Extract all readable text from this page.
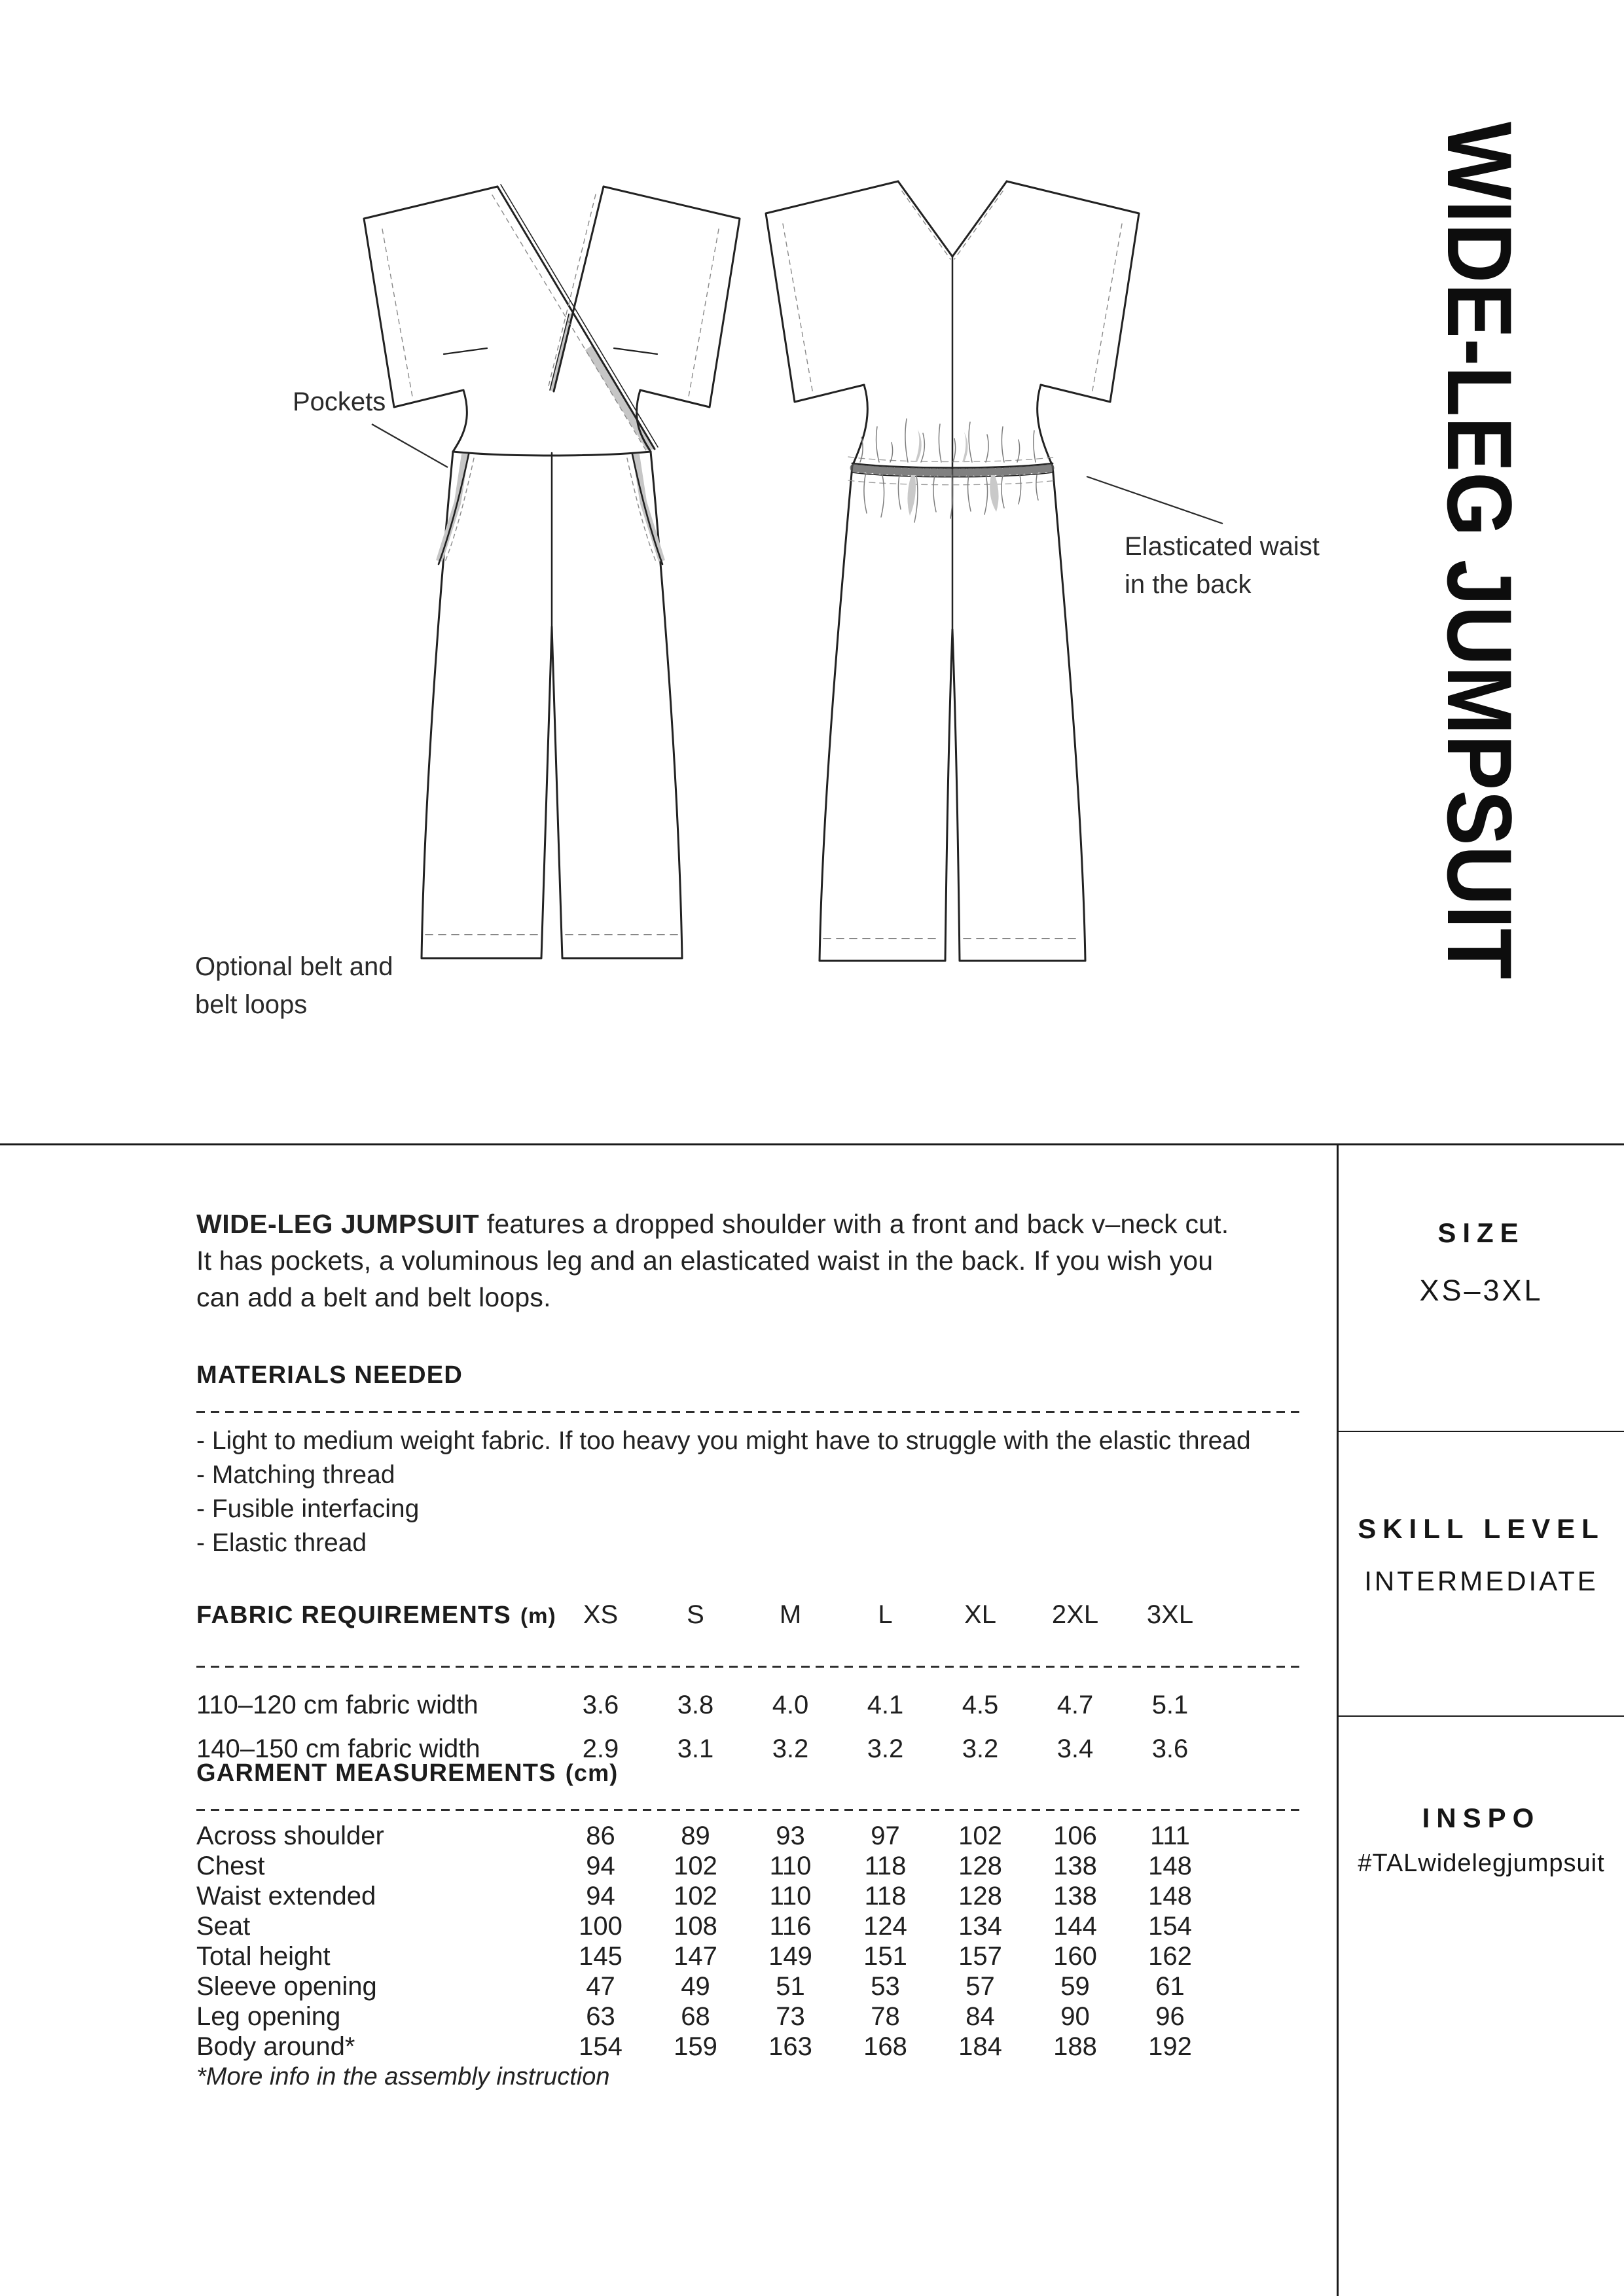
WIDE-LEG JUMPSUIT
Pockets
Elasticated waist
in the back
Optional belt and
belt loops
WIDE-LEG JUMPSUIT features a dropped shoulder with a front and back v–neck cut.
It has pockets, a voluminous leg and an elasticated waist in the back. If you wish you
can add a belt and belt loops.
MATERIALS NEEDED
- Light to medium weight fabric. If too heavy you might have to struggle with the elastic thread
- Matching thread
- Fusible interfacing
- Elastic thread
FABRIC REQUIREMENTS (m)	XS	S	M	L	XL	2XL	3XL
110–120 cm fabric width	3.6	3.8	4.0	4.1	4.5	4.7	5.1
140–150 cm fabric width	2.9	3.1	3.2	3.2	3.2	3.4	3.6
GARMENT MEASUREMENTS (cm)
Across shoulder	86	89	93	97	102	106	111
Chest	94	102	110	118	128	138	148
Waist extended	94	102	110	118	128	138	148
Seat	100	108	116	124	134	144	154
Total height	145	147	149	151	157	160	162
Sleeve opening	47	49	51	53	57	59	61
Leg opening	63	68	73	78	84	90	96
Body around*	154	159	163	168	184	188	192
*More info in the assembly instruction
SIZE
XS–3XL
SKILL LEVEL
INTERMEDIATE
INSPO
#TALwidelegjumpsuit
